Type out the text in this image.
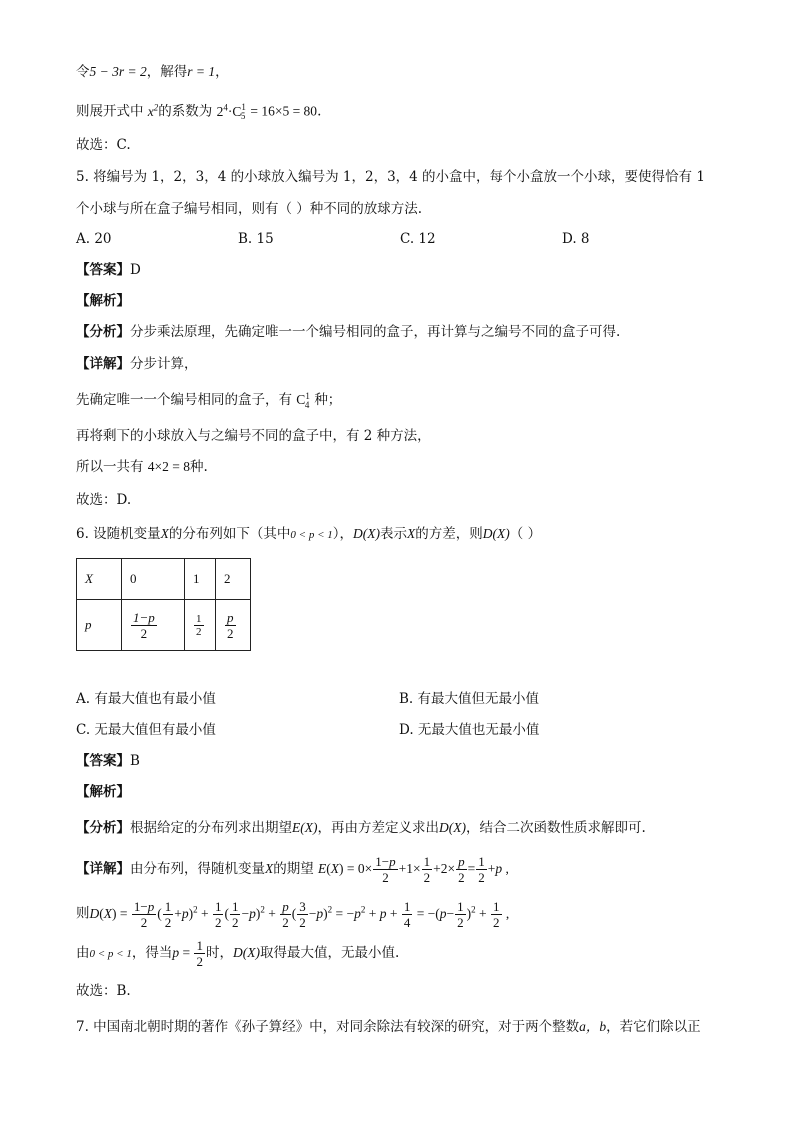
令5 − 3r = 2，解得r = 1，
则展开式中 $x^2$的系数为 $2^4\cdot C_{15} = 16\times 5 = 80$.
故选：C.
5. 将编号为 1，2，3，4 的小球放入编号为 1，2，3，4 的小盒中，每个小盒放一个小球，要使得恰有 1
个小球与所在盒子编号相同，则有（ ）种不同的放球方法.
A. 20	B. 15	C. 12	D. 8
【答案】D
【解析】
【分析】分步乘法原理，先确定唯一一个编号相同的盒子，再计算与之编号不同的盒子可得.
【详解】分步计算，
先确定唯一一个编号相同的盒子，有 $C_{14}$ 种；
再将剩下的小球放入与之编号不同的盒子中，有 2 种方法，
所以一共有 4×2 = 8种.
故选：D.
6. 设随机变量X的分布列如下（其中0 < p < 1），D(X)表示X的方差，则D(X)（ ）
X	0	1	2
p	$\frac{1-p}{2}$	$\frac{1}{2}$	$\frac{p}{2}$
A. 有最大值也有最小值	B. 有最大值但无最小值
C. 无最大值但有最小值	D. 无最大值也无最小值
【答案】B
【解析】
【分析】根据给定的分布列求出期望E(X)，再由方差定义求出D(X)，结合二次函数性质求解即可.
【详解】由分布列，得随机变量X的期望 $E(X) = 0\times \frac{1-p}{2} +1\times \frac{1}{2} +2\times \frac{p}{2} = \frac{1}{2} +p$ ,
则$D(X) = \frac{1-p}{2}$ ( $\frac{1}{2} +p)^2 + \frac{1}{2}$ ( $\frac{1}{2} -p)^2 + \frac{p}{2}$ ( $\frac{3}{2} -p)^2 = -p^2 + p + \frac{1}{4} = -(p- \frac{1}{2} )^2 + \frac{1}{2}$ ,
由0 < p < 1，得当$p = \frac{1}{2}$ 时，D(X)取得最大值，无最小值.
故选：B.
7. 中国南北朝时期的著作《孙子算经》中，对同余除法有较深的研究，对于两个整数a，b，若它们除以正
